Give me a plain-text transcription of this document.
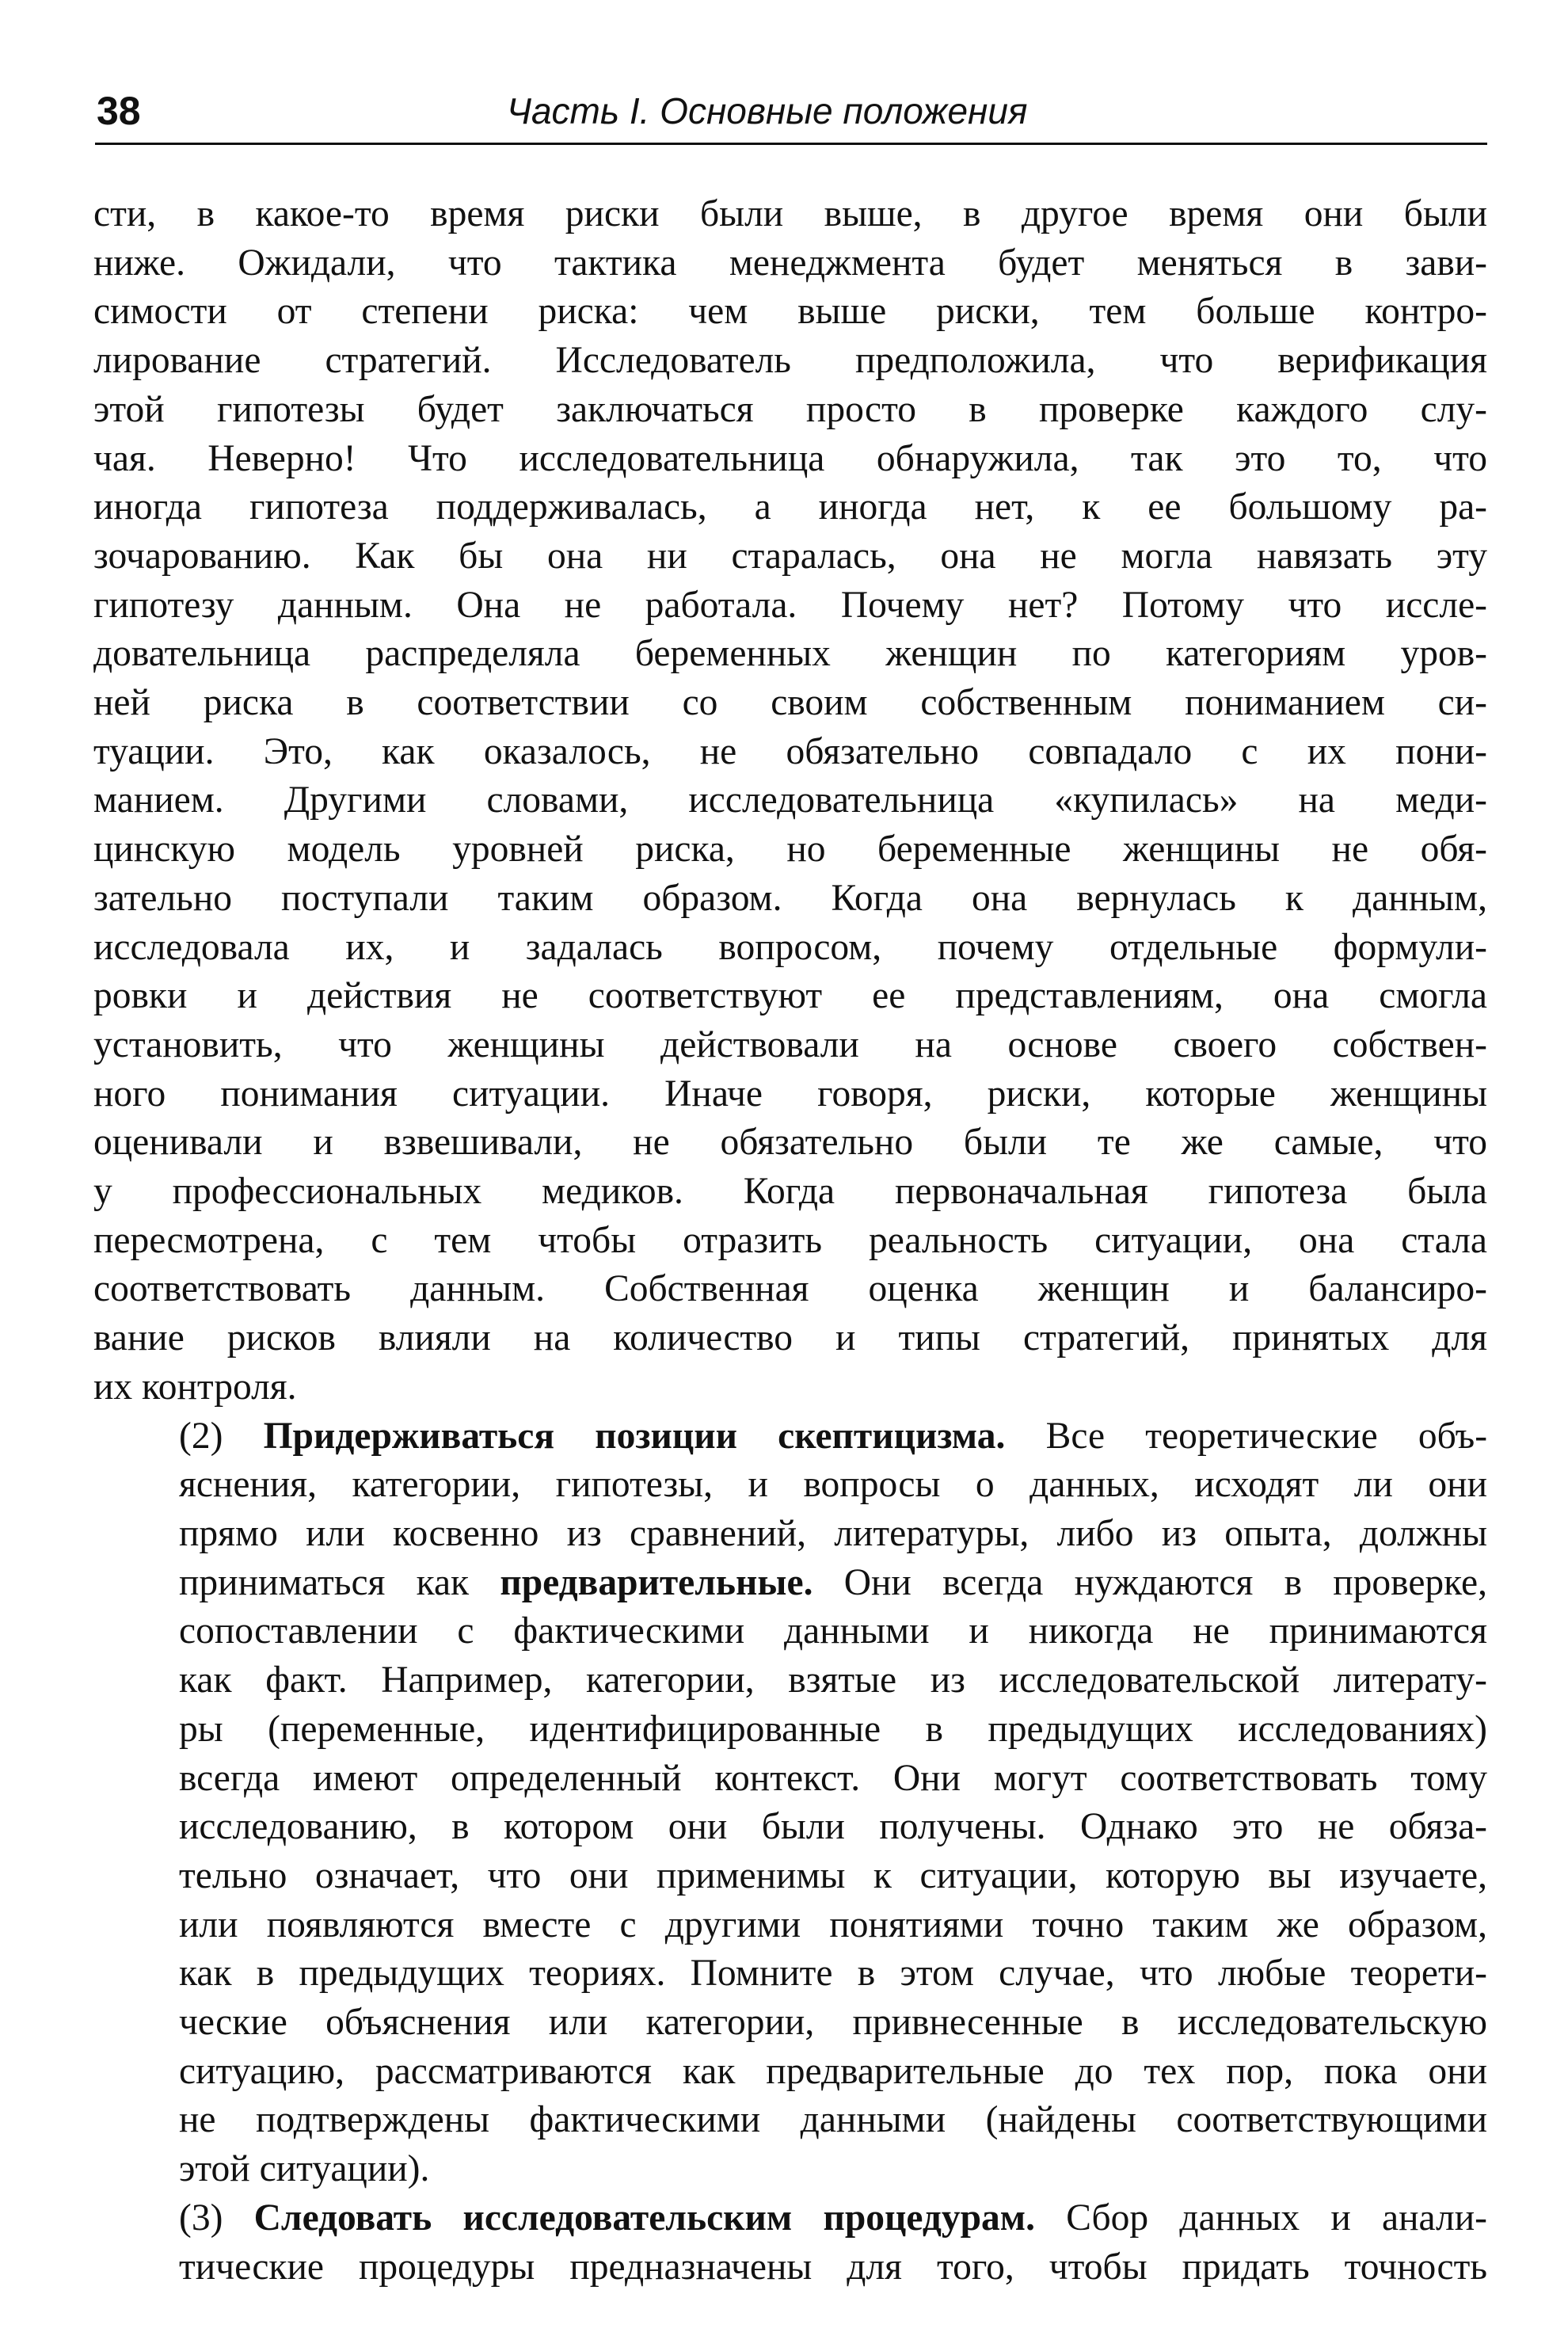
38	Часть I. Основные положения

сти, в какое-то время риски были выше, в другое время они были
ниже. Ожидали, что тактика менеджмента будет меняться в зави-
симости от степени риска: чем выше риски, тем больше контро-
лирование стратегий. Исследователь предположила, что верификация
этой гипотезы будет заключаться просто в проверке каждого слу-
чая. Неверно! Что исследовательница обнаружила, так это то, что
иногда гипотеза поддерживалась, а иногда нет, к ее большому ра-
зочарованию. Как бы она ни старалась, она не могла навязать эту
гипотезу данным. Она не работала. Почему нет? Потому что иссле-
довательница распределяла беременных женщин по категориям уров-
ней риска в соответствии со своим собственным пониманием си-
туации. Это, как оказалось, не обязательно совпадало с их пони-
манием. Другими словами, исследовательница «купилась» на меди-
цинскую модель уровней риска, но беременные женщины не обя-
зательно поступали таким образом. Когда она вернулась к данным,
исследовала их, и задалась вопросом, почему отдельные формули-
ровки и действия не соответствуют ее представлениям, она смогла
установить, что женщины действовали на основе своего собствен-
ного понимания ситуации. Иначе говоря, риски, которые женщины
оценивали и взвешивали, не обязательно были те же самые, что
у профессиональных медиков. Когда первоначальная гипотеза была
пересмотрена, с тем чтобы отразить реальность ситуации, она стала
соответствовать данным. Собственная оценка женщин и балансиро-
вание рисков влияли на количество и типы стратегий, принятых для
их контроля.

(2) Придерживаться позиции скептицизма. Все теоретические объ-
яснения, категории, гипотезы, и вопросы о данных, исходят ли они
прямо или косвенно из сравнений, литературы, либо из опыта, должны
приниматься как предварительные. Они всегда нуждаются в проверке,
сопоставлении с фактическими данными и никогда не принимаются
как факт. Например, категории, взятые из исследовательской литерату-
ры (переменные, идентифицированные в предыдущих исследованиях)
всегда имеют определенный контекст. Они могут соответствовать тому
исследованию, в котором они были получены. Однако это не обяза-
тельно означает, что они применимы к ситуации, которую вы изучаете,
или появляются вместе с другими понятиями точно таким же образом,
как в предыдущих теориях. Помните в этом случае, что любые теорети-
ческие объяснения или категории, привнесенные в исследовательскую
ситуацию, рассматриваются как предварительные до тех пор, пока они
не подтверждены фактическими данными (найдены соответствующими
этой ситуации).

(3) Следовать исследовательским процедурам. Сбор данных и анали-
тические процедуры предназначены для того, чтобы придать точность
